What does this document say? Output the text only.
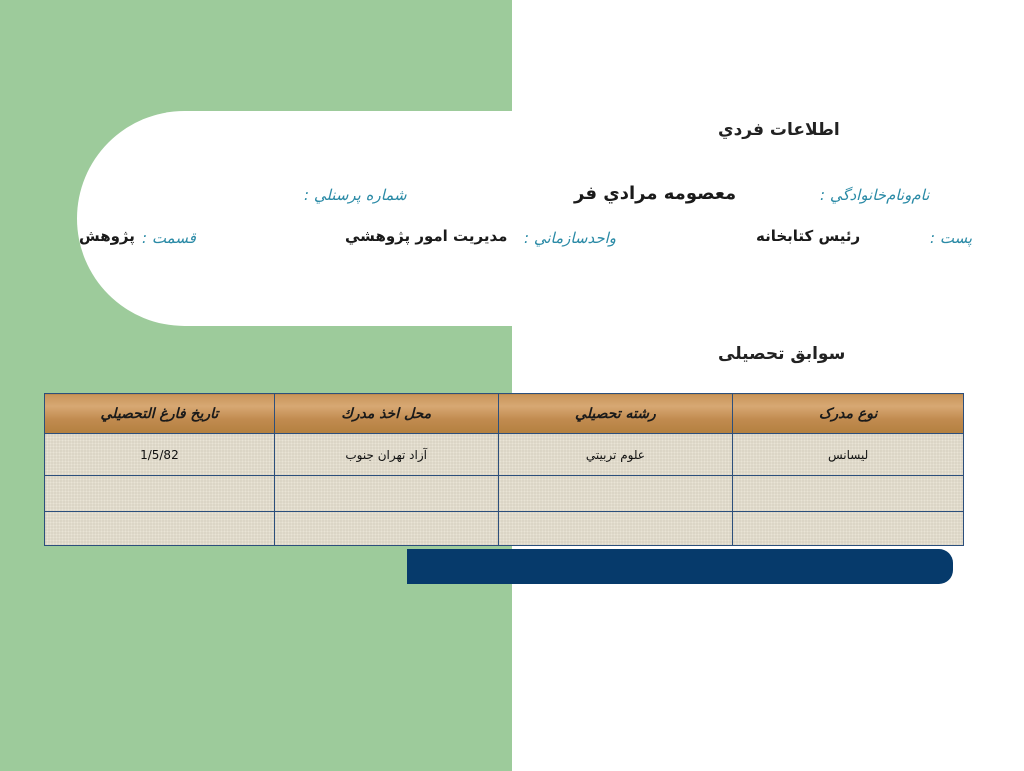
اطلاعات فردي
نام‌ونام‌خانوادگي :
معصومه مرادي فر
شماره پرسنلي :
پست :
رئيس كتابخانه
واحدسازماني :
مديريت امور پژوهشي
قسمت :
پژوهش
سوابق تحصيلى
نوع مدرک	رشته تحصيلي	محل اخذ مدرك	تاريخ فارغ التحصيلي
ليسانس	علوم تربيتي	آزاد تهران جنوب	1/5/82
